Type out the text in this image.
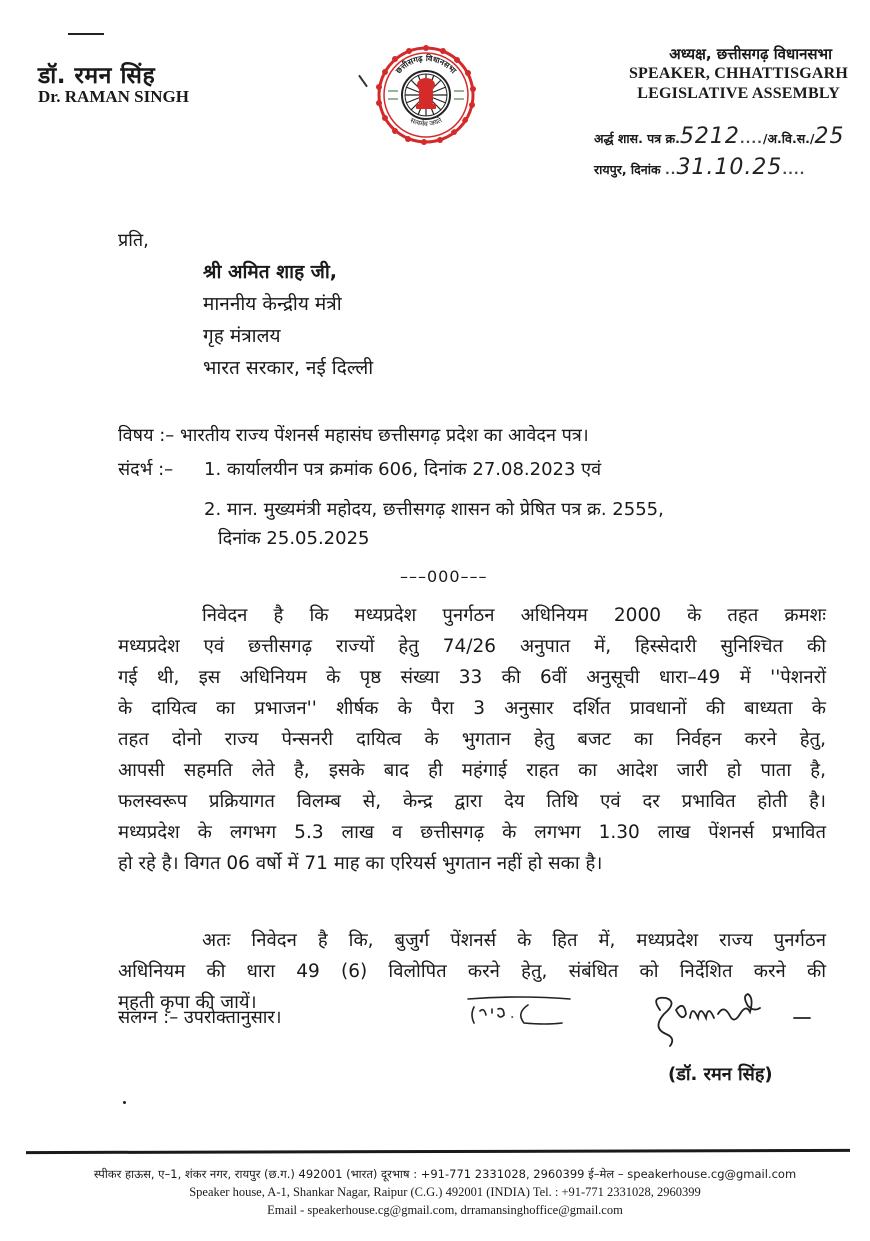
डॉ. रमन सिंह
Dr. RAMAN SINGH
छत्तीसगढ़ विधानसभा
सत्यमेव जयते
अध्यक्ष, छत्तीसगढ़ विधानसभा
SPEAKER, CHHATTISGARH
LEGISLATIVE ASSEMBLY
अर्द्ध शास. पत्र क्र.5212..../अ.वि.स./25
रायपुर, दिनांक ..31.10.25....
प्रति,
श्री अमित शाह जी,
माननीय केन्द्रीय मंत्री
गृह मंत्रालय
भारत सरकार, नई दिल्ली
विषय :– भारतीय राज्य पेंशनर्स महासंघ छत्तीसगढ़ प्रदेश का आवेदन पत्र।
संदर्भ :– 1. कार्यालयीन पत्र क्रमांक 606, दिनांक 27.08.2023 एवं
2. मान. मुख्यमंत्री महोदय, छत्तीसगढ़ शासन को प्रेषित पत्र क्र. 2555,
दिनांक 25.05.2025
–––000–––
निवेदन है कि मध्यप्रदेश पुनर्गठन अधिनियम 2000 के तहत क्रमशः
मध्यप्रदेश एवं छत्तीसगढ़ राज्यों हेतु 74/26 अनुपात में, हिस्सेदारी सुनिश्चित की
गई थी, इस अधिनियम के पृष्ठ संख्या 33 की 6वीं अनुसूची धारा–49 में ''पेशनरों
के दायित्व का प्रभाजन'' शीर्षक के पैरा 3 अनुसार दर्शित प्रावधानों की बाध्यता के
तहत दोनो राज्य पेन्सनरी दायित्व के भुगतान हेतु बजट का निर्वहन करने हेतु,
आपसी सहमति लेते है, इसके बाद ही महंगाई राहत का आदेश जारी हो पाता है,
फलस्वरूप प्रक्रियागत विलम्ब से, केन्द्र द्वारा देय तिथि एवं दर प्रभावित होती है।
मध्यप्रदेश के लगभग 5.3 लाख व छत्तीसगढ़ के लगभग 1.30 लाख पेंशनर्स प्रभावित
हो रहे है। विगत 06 वर्षो में 71 माह का एरियर्स भुगतान नहीं हो सका है।
अतः निवेदन है कि, बुजुर्ग पेंशनर्स के हित में, मध्यप्रदेश राज्य पुनर्गठन
अधिनियम की धारा 49 (6) विलोपित करने हेतु, संबंधित को निर्देशित करने की
महती कृपा की जायें।
संलग्न :– उपरोक्तानुसार।
(डॉ. रमन सिंह)
स्पीकर हाऊस, ए–1, शंकर नगर, रायपुर (छ.ग.) 492001 (भारत) दूरभाष : +91-771 2331028, 2960399 ई–मेल – speakerhouse.cg@gmail.com
Speaker house, A-1, Shankar Nagar, Raipur (C.G.) 492001 (INDIA) Tel. : +91-771 2331028, 2960399
Email - speakerhouse.cg@gmail.com, drramansinghoffice@gmail.com
